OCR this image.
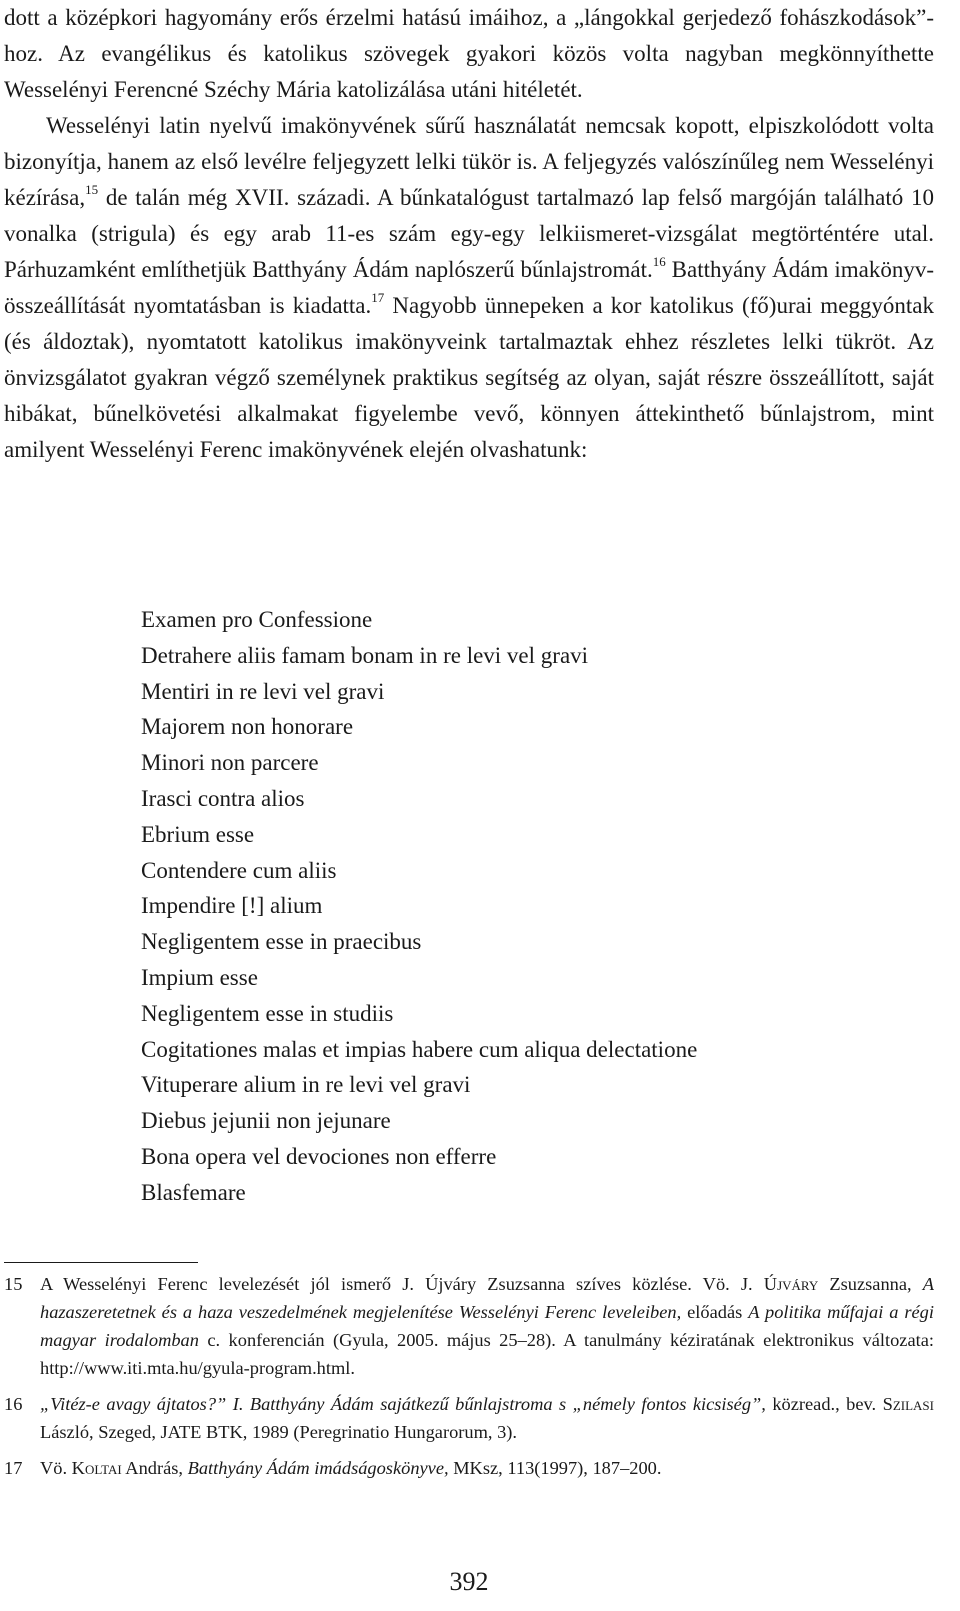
dott a középkori hagyomány erős érzelmi hatású imáihoz, a „lángokkal gerjedező fohászkodások”-hoz. Az evangélikus és katolikus szövegek gyakori közös volta nagyban megkönnyíthette Wesselényi Ferencné Széchy Mária katolizálása utáni hitéletét.

Wesselényi latin nyelvű imakönyvének sűrű használatát nemcsak kopott, elpiszkolódott volta bizonyítja, hanem az első levélre feljegyzett lelki tükör is. A feljegyzés valószínűleg nem Wesselényi kézírása,$^{15}$ de talán még XVII. századi. A bűnkatalógust tartalmazó lap felső margóján található 10 vonalka (strigula) és egy arab 11-es szám egy-egy lelkiismeret-vizsgálat megtörténtére utal. Párhuzamként említhetjük Batthyány Ádám naplószerű bűnlajstromát.$^{16}$ Batthyány Ádám imakönyv-összeállítását nyomtatásban is kiadatta.$^{17}$ Nagyobb ünnepeken a kor katolikus (fő)urai meggyóntak (és áldoztak), nyomtatott katolikus imakönyveink tartalmaztak ehhez részletes lelki tükröt. Az önvizsgálatot gyakran végző személynek praktikus segítség az olyan, saját részre összeállított, saját hibákat, bűnelkövetési alkalmakat figyelembe vevő, könnyen áttekinthető bűnlajstrom, mint amilyent Wesselényi Ferenc imakönyvének elején olvashatunk:

Examen pro Confessione
Detrahere aliis famam bonam in re levi vel gravi
Mentiri in re levi vel gravi
Majorem non honorare
Minori non parcere
Irasci contra alios
Ebrium esse
Contendere cum aliis
Impendire [!] alium
Negligentem esse in praecibus
Impium esse
Negligentem esse in studiis
Cogitationes malas et impias habere cum aliqua delectatione
Vituperare alium in re levi vel gravi
Diebus jejunii non jejunare
Bona opera vel devociones non efferre
Blasfemare
15 A Wesselényi Ferenc levelezését jól ismerő J. Újváry Zsuzsanna szíves közlése. Vö. J. Újváry Zsuzsanna, A hazaszeretetnek és a haza veszedelmének megjelenítése Wesselényi Ferenc leveleiben, előadás A politika műfajai a régi magyar irodalomban c. konferencián (Gyula, 2005. május 25–28). A tanulmány kéziratának elektronikus változata: http://www.iti.mta.hu/gyula-program.html.
16 „Vitéz-e avagy ájtatos?” I. Batthyány Ádám sajátkezű bűnlajstroma s „némely fontos kicsiség”, közread., bev. Szilasi László, Szeged, JATE BTK, 1989 (Peregrinatio Hungarorum, 3).
17 Vö. Koltai András, Batthyány Ádám imádságoskönyve, MKsz, 113(1997), 187–200.
392
